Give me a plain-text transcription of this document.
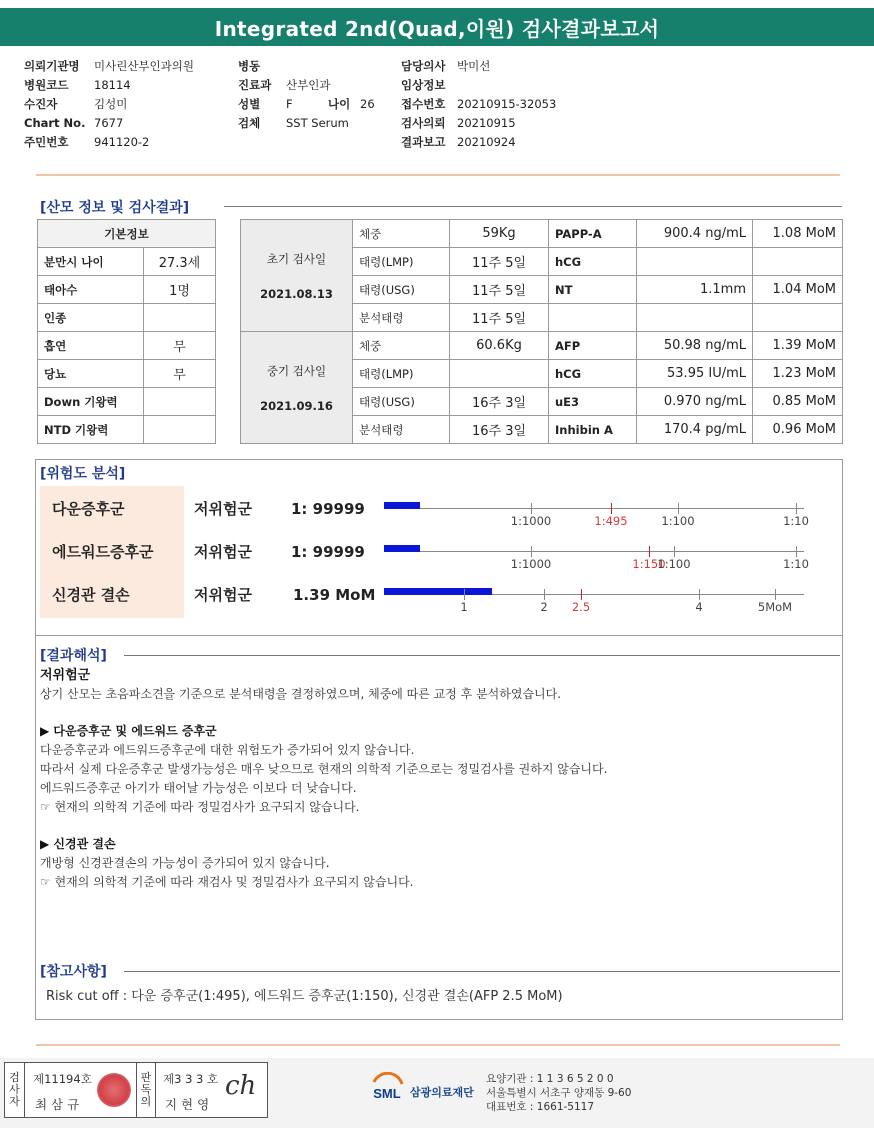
Integrated 2nd(Quad,이원) 검사결과보고서
의뢰기관명	미사린산부인과의원
병원코드	18114
수진자	김성미
Chart No. 7677
주민번호	941120-2
병동
진료과	산부인과
성별	F	나이 26
검체	SST Serum
담당의사	박미선
임상정보
접수번호	20210915-32053
검사의뢰	20210915
결과보고	20210924
[산모 정보 및 검사결과]
기본정보	
분만시 나이	27.3세
태아수	1명
인종	
흡연	무
당뇨	무
Down 기왕력	
NTD 기왕력	
초기 검사일
2021.08.13	체중	59Kg	PAPP-A	900.4 ng/mL	1.08 MoM
	태령(LMP)	11주 5일	hCG		
	태령(USG)	11주 5일	NT	1.1mm	1.04 MoM
	분석태령	11주 5일			

중기 검사일
2021.09.16	체중	60.6Kg	AFP	50.98 ng/mL	1.39 MoM
	태령(LMP)		hCG	53.95 IU/mL	1.23 MoM
	태령(USG)	16주 3일	uE3	0.970 ng/mL	0.85 MoM
	분석태령	16주 3일	Inhibin A	170.4 pg/mL	0.96 MoM
[위험도 분석]
다운증후군	저위험군	1: 99999
1:1000	1:495	1:100	1:10
에드워드증후군	저위험군	1: 99999
1:1000	1:150
1:100	1:10
신경관 결손	저위험군	1.39 MoM
1	2 2.5	4	5MoM
[결과해석]
저위험군
상기 산모는 초음파소견을 기준으로 분석태령을 결정하였으며, 체중에 따른 교정 후 분석하였습니다.
▶ 다운증후군 및 에드워드 증후군
다운증후군과 에드워드증후군에 대한 위험도가 증가되어 있지 않습니다.
따라서 실제 다운증후군 발생가능성은 매우 낮으므로 현재의 의학적 기준으로는 정밀검사를 권하지 않습니다.
에드워드증후군 아기가 태어날 가능성은 이보다 더 낮습니다.
☞ 현재의 의학적 기준에 따라 정밀검사가 요구되지 않습니다.
▶ 신경관 결손
개방형 신경관결손의 가능성이 증가되어 있지 않습니다.
☞ 현재의 의학적 기준에 따라 재검사 및 정밀검사가 요구되지 않습니다.
[참고사항]
Risk cut off : 다운 증후군(1:495), 에드워드 증후군(1:150), 신경관 결손(AFP 2.5 MoM)
검
사
자
제11194호
최 삼 규
판
독
의
제3 3 3 호
지 현 영
ch	SML 삼광의료재단
요양기관 : 1 1 3 6 5 2 0 0
서울특별시 서초구 양재동 9-60
대표번호 : 1661-5117
